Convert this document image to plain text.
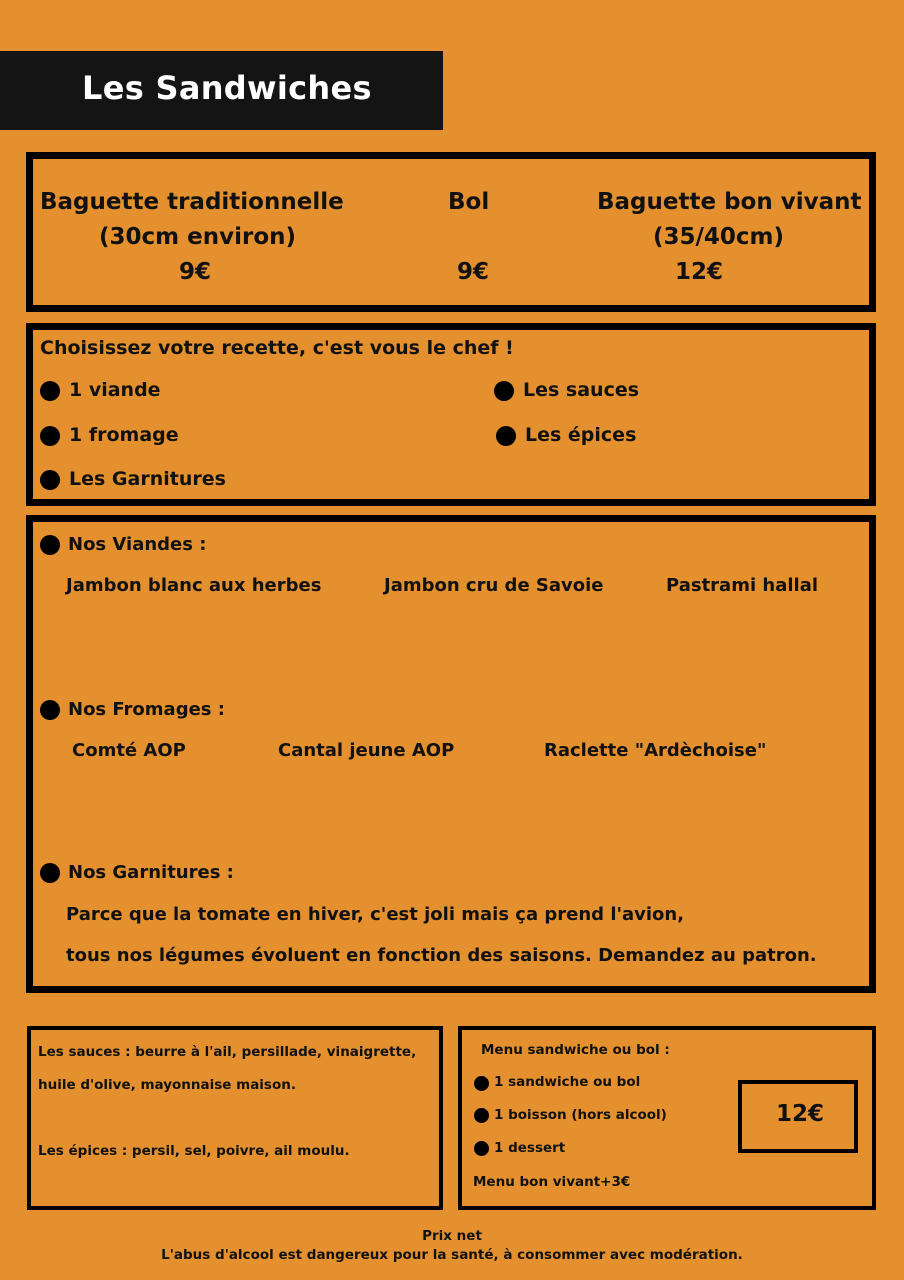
Les Sandwiches
Baguette traditionnelle
(30cm environ)
9€
Bol
9€
Baguette bon vivant
(35/40cm)
12€
Choisissez votre recette, c'est vous le chef !
1 viande
1 fromage
Les Garnitures
Les sauces
Les épices
Nos Viandes :
Jambon blanc aux herbes	Jambon cru de Savoie	Pastrami hallal
Nos Fromages :
Comté AOP	Cantal jeune AOP	Raclette "Ardèchoise"
Nos Garnitures :
Parce que la tomate en hiver, c'est joli mais ça prend l'avion,
tous nos légumes évoluent en fonction des saisons. Demandez au patron.
Les sauces : beurre à l'ail, persillade, vinaigrette,
huile d'olive, mayonnaise maison.
Les épices : persil, sel, poivre, ail moulu.
Menu sandwiche ou bol :
1 sandwiche ou bol
1 boisson (hors alcool)
1 dessert
Menu bon vivant+3€
12€
Prix net
L'abus d'alcool est dangereux pour la santé, à consommer avec modération.
